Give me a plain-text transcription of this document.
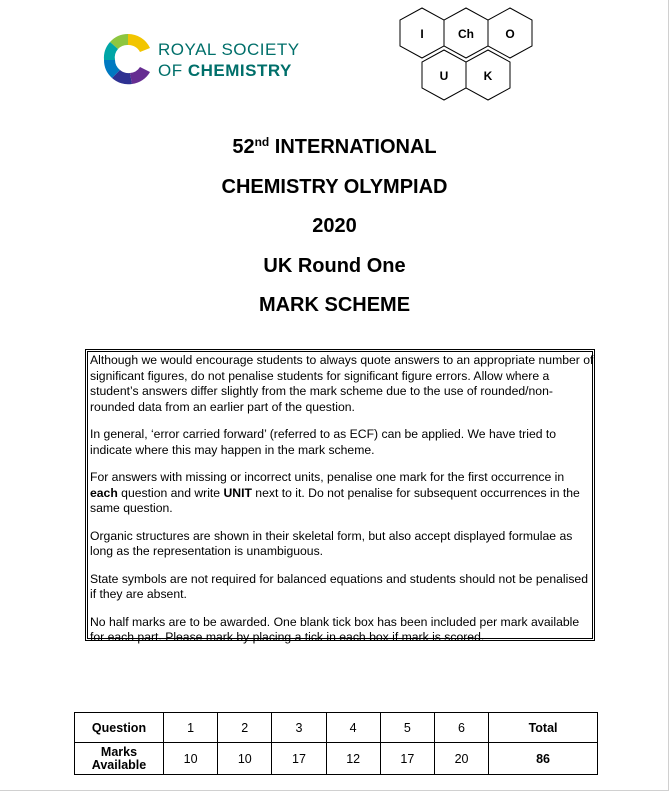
ROYAL SOCIETY
OF CHEMISTRY
I	Ch	O
U	K
52nd INTERNATIONAL
CHEMISTRY OLYMPIAD
2020
UK Round One
MARK SCHEME

Although we would encourage students to always quote answers to an appropriate number of significant figures, do not penalise students for significant figure errors. Allow where a student’s answers differ slightly from the mark scheme due to the use of rounded/non-rounded data from an earlier part of the question.

In general, ‘error carried forward’ (referred to as ECF) can be applied. We have tried to indicate where this may happen in the mark scheme.

For answers with missing or incorrect units, penalise one mark for the first occurrence in each question and write UNIT next to it. Do not penalise for subsequent occurrences in the same question.

Organic structures are shown in their skeletal form, but also accept displayed formulae as long as the representation is unambiguous.

State symbols are not required for balanced equations and students should not be penalised if they are absent.

No half marks are to be awarded. One blank tick box has been included per mark available for each part. Please mark by placing a tick in each box if mark is scored.

Question	1	2	3	4	5	6	Total
Marks
Available	10	10	17	12	17	20	86
